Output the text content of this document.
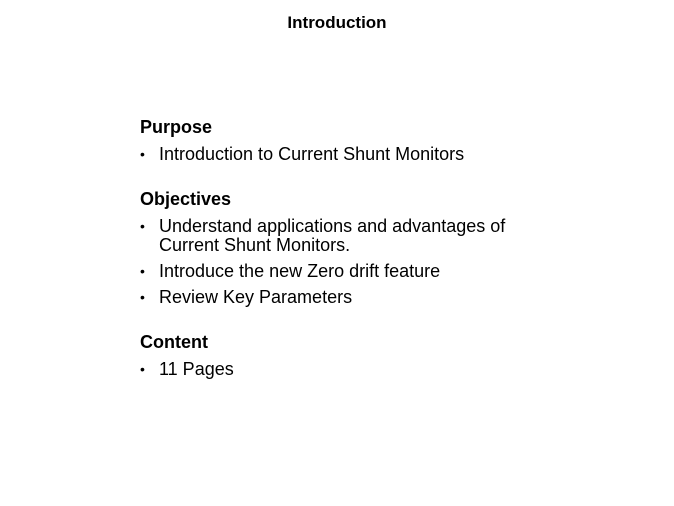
Introduction
Purpose
• Introduction to Current Shunt Monitors
Objectives
• Understand applications and advantages of Current Shunt Monitors.
• Introduce the new Zero drift feature
• Review Key Parameters
Content
• 11 Pages
